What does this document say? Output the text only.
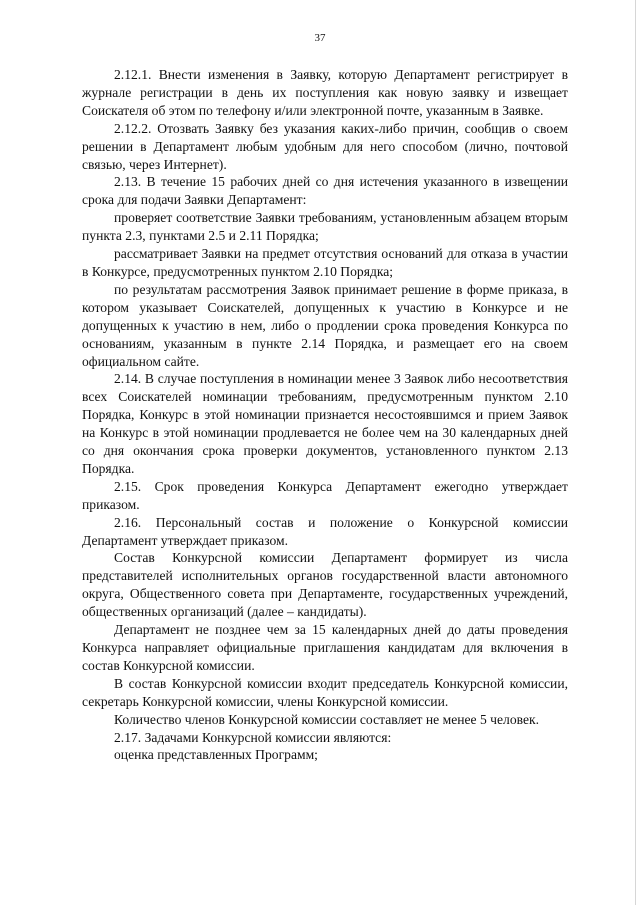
37

2.12.1. Внести изменения в Заявку, которую Департамент регистрирует в журнале регистрации в день их поступления как новую заявку и извещает Соискателя об этом по телефону и/или электронной почте, указанным в Заявке.

2.12.2. Отозвать Заявку без указания каких-либо причин, сообщив о своем решении в Департамент любым удобным для него способом (лично, почтовой связью, через Интернет).

2.13. В течение 15 рабочих дней со дня истечения указанного в извещении срока для подачи Заявки Департамент:

проверяет соответствие Заявки требованиям, установленным абзацем вторым пункта 2.3, пунктами 2.5 и 2.11 Порядка;

рассматривает Заявки на предмет отсутствия оснований для отказа в участии в Конкурсе, предусмотренных пунктом 2.10 Порядка;

по результатам рассмотрения Заявок принимает решение в форме приказа, в котором указывает Соискателей, допущенных к участию в Конкурсе и не допущенных к участию в нем, либо о продлении срока проведения Конкурса по основаниям, указанным в пункте 2.14 Порядка, и размещает его на своем официальном сайте.

2.14. В случае поступления в номинации менее 3 Заявок либо несоответствия всех Соискателей номинации требованиям, предусмотренным пунктом 2.10 Порядка, Конкурс в этой номинации признается несостоявшимся и прием Заявок на Конкурс в этой номинации продлевается не более чем на 30 календарных дней со дня окончания срока проверки документов, установленного пунктом 2.13 Порядка.

2.15. Срок проведения Конкурса Департамент ежегодно утверждает приказом.

2.16. Персональный состав и положение о Конкурсной комиссии Департамент утверждает приказом.

Состав Конкурсной комиссии Департамент формирует из числа представителей исполнительных органов государственной власти автономного округа, Общественного совета при Департаменте, государственных учреждений, общественных организаций (далее – кандидаты).

Департамент не позднее чем за 15 календарных дней до даты проведения Конкурса направляет официальные приглашения кандидатам для включения в состав Конкурсной комиссии.

В состав Конкурсной комиссии входит председатель Конкурсной комиссии, секретарь Конкурсной комиссии, члены Конкурсной комиссии.

Количество членов Конкурсной комиссии составляет не менее 5 человек.

2.17. Задачами Конкурсной комиссии являются:

оценка представленных Программ;
